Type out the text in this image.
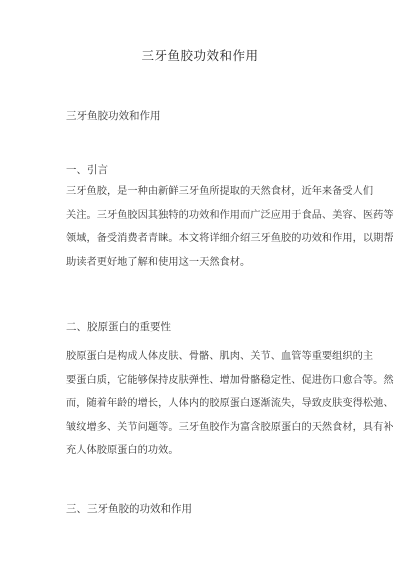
三牙鱼胶功效和作用
三牙鱼胶功效和作用
一、引言
三牙鱼胶，是一种由新鲜三牙鱼所提取的天然食材，近年来备受人们
关注。三牙鱼胶因其独特的功效和作用而广泛应用于食品、美容、医药等
领域，备受消费者青睐。本文将详细介绍三牙鱼胶的功效和作用，以期帮
助读者更好地了解和使用这一天然食材。
二、胶原蛋白的重要性
胶原蛋白是构成人体皮肤、骨骼、肌肉、关节、血管等重要组织的主
要蛋白质，它能够保持皮肤弹性、增加骨骼稳定性、促进伤口愈合等。然
而，随着年龄的增长，人体内的胶原蛋白逐渐流失，导致皮肤变得松弛、
皱纹增多、关节问题等。三牙鱼胶作为富含胶原蛋白的天然食材，具有补
充人体胶原蛋白的功效。
三、三牙鱼胶的功效和作用
